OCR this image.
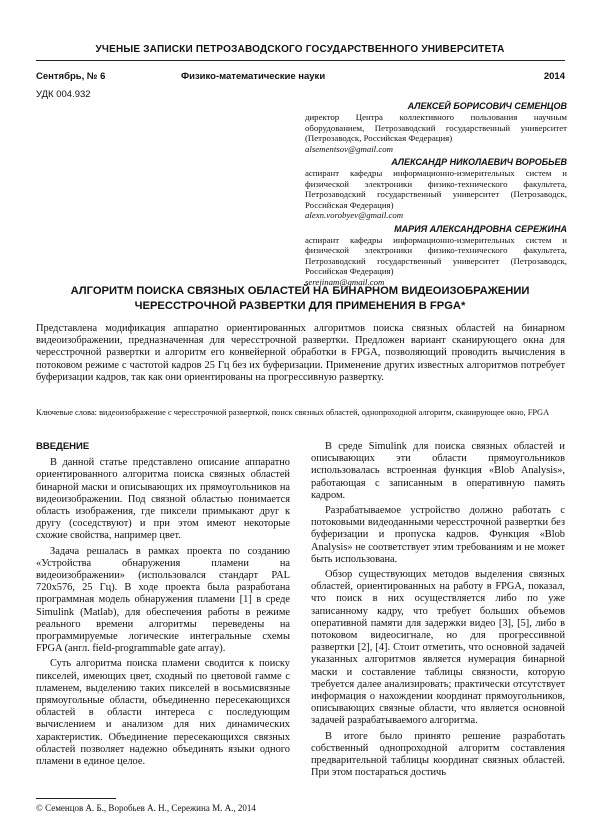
УЧЕНЫЕ ЗАПИСКИ ПЕТРОЗАВОДСКОГО ГОСУДАРСТВЕННОГО УНИВЕРСИТЕТА
Сентябрь, № 6	Физико-математические науки	2014
УДК 004.932
АЛЕКСЕЙ БОРИСОВИЧ СЕМЕНЦОВ
директор Центра коллективного пользования научным оборудованием, Петрозаводский государственный университет (Петрозаводск, Российская Федерация)
alsementsov@gmail.com
АЛЕКСАНДР НИКОЛАЕВИЧ ВОРОБЬЕВ
аспирант кафедры информационно-измерительных систем и физической электроники физико-технического факультета, Петрозаводский государственный университет (Петрозаводск, Российская Федерация)
alexn.vorobyev@gmail.com
МАРИЯ АЛЕКСАНДРОВНА СЕРЕЖИНА
аспирант кафедры информационно-измерительных систем и физической электроники физико-технического факультета, Петрозаводский государственный университет (Петрозаводск, Российская Федерация)
serejinam@gmail.com
АЛГОРИТМ ПОИСКА СВЯЗНЫХ ОБЛАСТЕЙ НА БИНАРНОМ ВИДЕОИЗОБРАЖЕНИИ ЧЕРЕССТРОЧНОЙ РАЗВЕРТКИ ДЛЯ ПРИМЕНЕНИЯ В FPGA*
Представлена модификация аппаратно ориентированных алгоритмов поиска связных областей на бинарном видеоизображении, предназначенная для чересстрочной развертки. Предложен вариант сканирующего окна для чересстрочной развертки и алгоритм его конвейерной обработки в FPGA, позволяющий проводить вычисления в потоковом режиме с частотой кадров 25 Гц без их буферизации. Применение других известных алгоритмов потребует буферизации кадров, так как они ориентированы на прогрессивную развертку.
Ключевые слова: видеоизображение с чересстрочной разверткой, поиск связных областей, однопроходной алгоритм, сканирующее окно, FPGA
ВВЕДЕНИЕ

В данной статье представлено описание аппаратно ориентированного алгоритма поиска связных областей бинарной маски и описывающих их прямоугольников на видеоизображении. Под связной областью понимается область изображения, где пиксели примыкают друг к другу (соседствуют) и при этом имеют некоторые схожие свойства, например цвет.

Задача решалась в рамках проекта по созданию «Устройства обнаружения пламени на видеоизображении» (использовался стандарт PAL 720х576, 25 Гц). В ходе проекта была разработана программная модель обнаружения пламени [1] в среде Simulink (Matlab), для обеспечения работы в режиме реального времени алгоритмы переведены на программируемые логические интегральные схемы FPGA (англ. field-programmable gate array).

Суть алгоритма поиска пламени сводится к поиску пикселей, имеющих цвет, сходный по цветовой гамме с пламенем, выделению таких пикселей в восьмисвязные прямоугольные области, объединенно пересекающихся областей в области интереса с последующим вычислением и анализом для них динамических характеристик. Объединение пересекающихся связных областей позволяет надежно объединять языки одного пламени в единое целое.

В среде Simulink для поиска связных областей и описывающих эти области прямоугольников использовалась встроенная функция «Blob Analysis», работающая с записанным в оперативную память кадром.

Разрабатываемое устройство должно работать с потоковыми видеоданными чересстрочной развертки без буферизации и пропуска кадров. Функция «Blob Analysis» не соответствует этим требованиям и не может быть использована.

Обзор существующих методов выделения связных областей, ориентированных на работу в FPGA, показал, что поиск в них осуществляется либо по уже записанному кадру, что требует больших объемов оперативной памяти для задержки видео [3], [5], либо в потоковом видеосигнале, но для прогрессивной развертки [2], [4]. Стоит отметить, что основной задачей указанных алгоритмов является нумерация бинарной маски и составление таблицы связности, которую требуется далее анализировать; практически отсутствует информация о нахождении координат прямоугольников, описывающих связные области, что является основной задачей разрабатываемого алгоритма.

В итоге было принято решение разработать собственный однопроходной алгоритм составления предварительной таблицы координат связных областей. При этом постараться достичь

© Семенцов А. Б., Воробьев А. Н., Сережина М. А., 2014
